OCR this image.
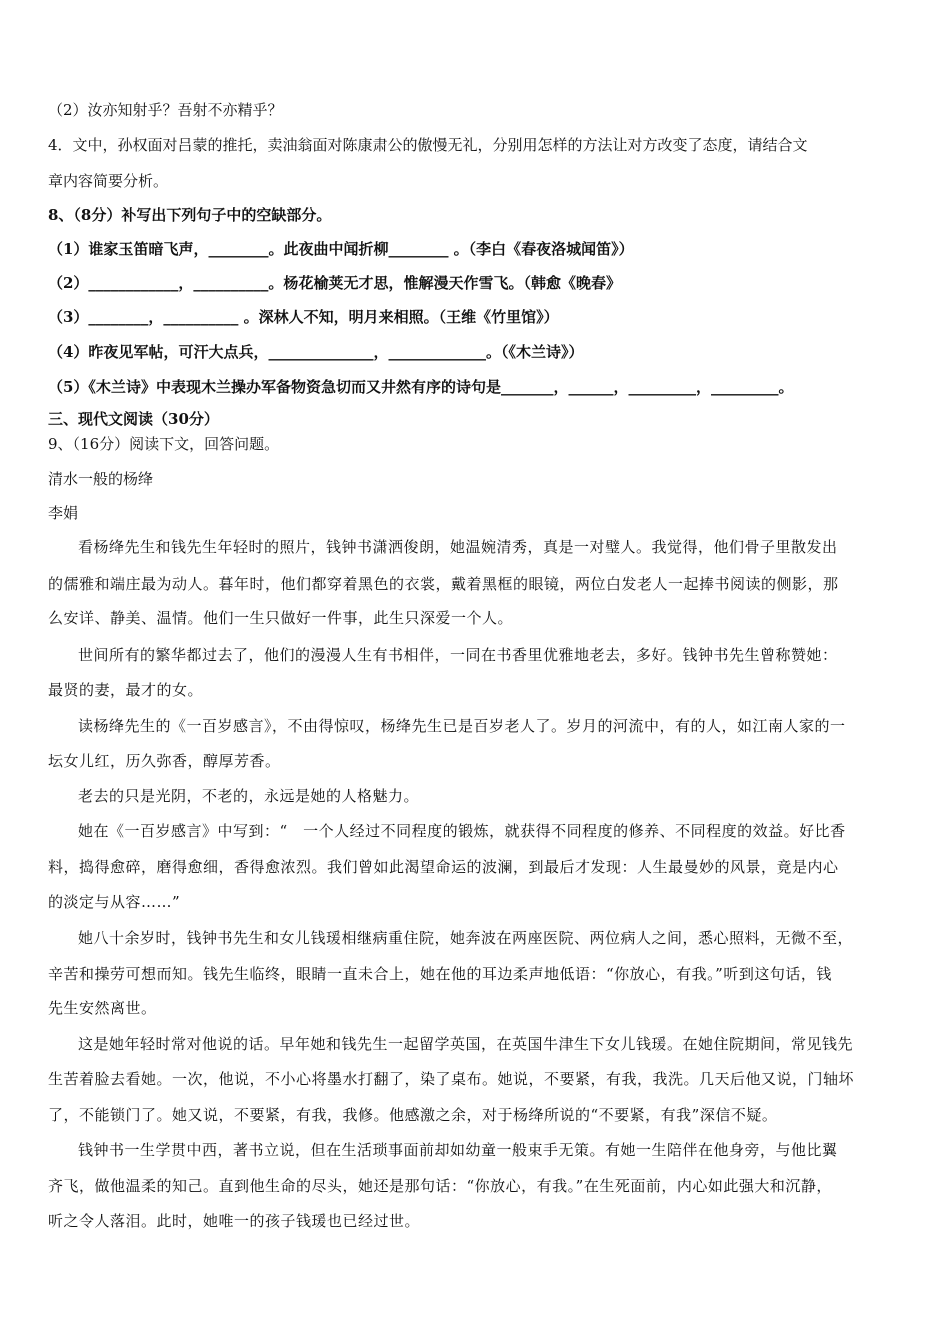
（2）汝亦知射乎？吾射不亦精乎？
4．文中，孙权面对吕蒙的推托，卖油翁面对陈康肃公的傲慢无礼，分别用怎样的方法让对方改变了态度，请结合文
章内容简要分析。
8、（8分）补写出下列句子中的空缺部分。
（1）谁家玉笛暗飞声，________。此夜曲中闻折柳________ 。（李白《春夜洛城闻笛》）
（2）____________，__________。杨花榆荚无才思，惟解漫天作雪飞。（韩愈《晚春》
（3）________，__________ 。深林人不知，明月来相照。（王维《竹里馆》）
（4）昨夜见军帖，可汗大点兵，______________，_____________。（《木兰诗》）
（5）《木兰诗》中表现木兰操办军备物资急切而又井然有序的诗句是_______，______，_________，_________。
三、现代文阅读（30分）
9、（16分）阅读下文，回答问题。
清水一般的杨绛
李娟
看杨绛先生和钱先生年轻时的照片，钱钟书潇洒俊朗，她温婉清秀，真是一对璧人。我觉得，他们骨子里散发出
的儒雅和端庄最为动人。暮年时，他们都穿着黑色的衣裳，戴着黑框的眼镜，两位白发老人一起捧书阅读的侧影，那
么安详、静美、温情。他们一生只做好一件事，此生只深爱一个人。
世间所有的繁华都过去了，他们的漫漫人生有书相伴，一同在书香里优雅地老去，多好。钱钟书先生曾称赞她：
最贤的妻，最才的女。
读杨绛先生的《一百岁感言》，不由得惊叹，杨绛先生已是百岁老人了。岁月的河流中，有的人，如江南人家的一
坛女儿红，历久弥香，醇厚芳香。
老去的只是光阴，不老的，永远是她的人格魅力。
她在《一百岁感言》中写到：“　一个人经过不同程度的锻炼，就获得不同程度的修养、不同程度的效益。好比香
料，捣得愈碎，磨得愈细，香得愈浓烈。我们曾如此渴望命运的波澜，到最后才发现：人生最曼妙的风景，竟是内心
的淡定与从容……”
她八十余岁时，钱钟书先生和女儿钱瑗相继病重住院，她奔波在两座医院、两位病人之间，悉心照料，无微不至，
辛苦和操劳可想而知。钱先生临终，眼睛一直未合上，她在他的耳边柔声地低语：“你放心，有我。”听到这句话，钱
先生安然离世。
这是她年轻时常对他说的话。早年她和钱先生一起留学英国，在英国牛津生下女儿钱瑗。在她住院期间，常见钱先
生苦着脸去看她。一次，他说，不小心将墨水打翻了，染了桌布。她说，不要紧，有我，我洗。几天后他又说，门轴坏
了，不能锁门了。她又说，不要紧，有我，我修。他感激之余，对于杨绛所说的“不要紧，有我”深信不疑。
钱钟书一生学贯中西，著书立说，但在生活琐事面前却如幼童一般束手无策。有她一生陪伴在他身旁，与他比翼
齐飞，做他温柔的知己。直到他生命的尽头，她还是那句话：“你放心，有我。”在生死面前，内心如此强大和沉静，
听之令人落泪。此时，她唯一的孩子钱瑗也已经过世。
